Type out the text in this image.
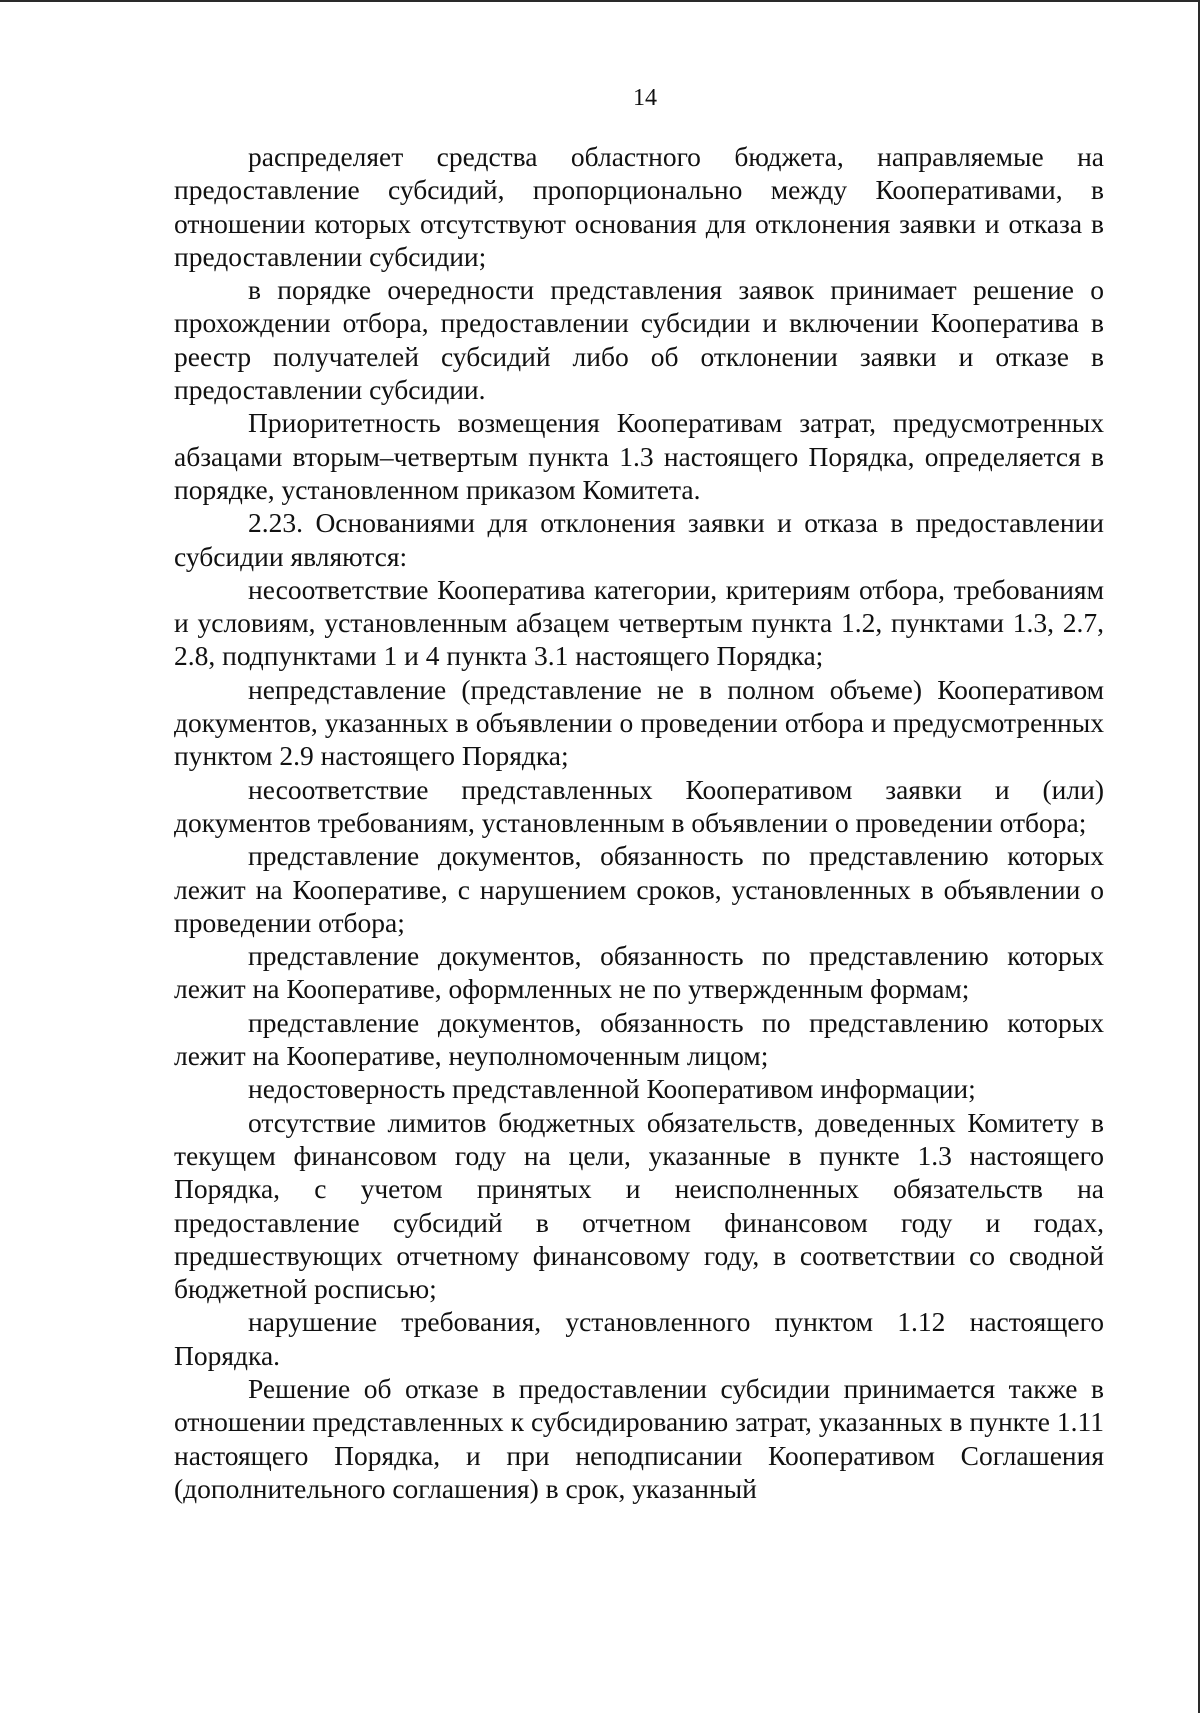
14

распределяет средства областного бюджета, направляемые на предоставление субсидий, пропорционально между Кооперативами, в отношении которых отсутствуют основания для отклонения заявки и отказа в предоставлении субсидии;

в порядке очередности представления заявок принимает решение о прохождении отбора, предоставлении субсидии и включении Кооператива в реестр получателей субсидий либо об отклонении заявки и отказе в предоставлении субсидии.

Приоритетность возмещения Кооперативам затрат, предусмотренных абзацами вторым–четвертым пункта 1.3 настоящего Порядка, определяется в порядке, установленном приказом Комитета.

2.23. Основаниями для отклонения заявки и отказа в предоставлении субсидии являются:

несоответствие Кооператива категории, критериям отбора, требованиям и условиям, установленным абзацем четвертым пункта 1.2, пунктами 1.3, 2.7, 2.8, подпунктами 1 и 4 пункта 3.1 настоящего Порядка;

непредставление (представление не в полном объеме) Кооперативом документов, указанных в объявлении о проведении отбора и предусмотренных пунктом 2.9 настоящего Порядка;

несоответствие представленных Кооперативом заявки и (или) документов требованиям, установленным в объявлении о проведении отбора;

представление документов, обязанность по представлению которых лежит на Кооперативе, с нарушением сроков, установленных в объявлении о проведении отбора;

представление документов, обязанность по представлению которых лежит на Кооперативе, оформленных не по утвержденным формам;

представление документов, обязанность по представлению которых лежит на Кооперативе, неуполномоченным лицом;

недостоверность представленной Кооперативом информации;

отсутствие лимитов бюджетных обязательств, доведенных Комитету в текущем финансовом году на цели, указанные в пункте 1.3 настоящего Порядка, с учетом принятых и неисполненных обязательств на предоставление субсидий в отчетном финансовом году и годах, предшествующих отчетному финансовому году, в соответствии со сводной бюджетной росписью;

нарушение требования, установленного пунктом 1.12 настоящего Порядка.

Решение об отказе в предоставлении субсидии принимается также в отношении представленных к субсидированию затрат, указанных в пункте 1.11 настоящего Порядка, и при неподписании Кооперативом Соглашения (дополнительного соглашения) в срок, указанный
